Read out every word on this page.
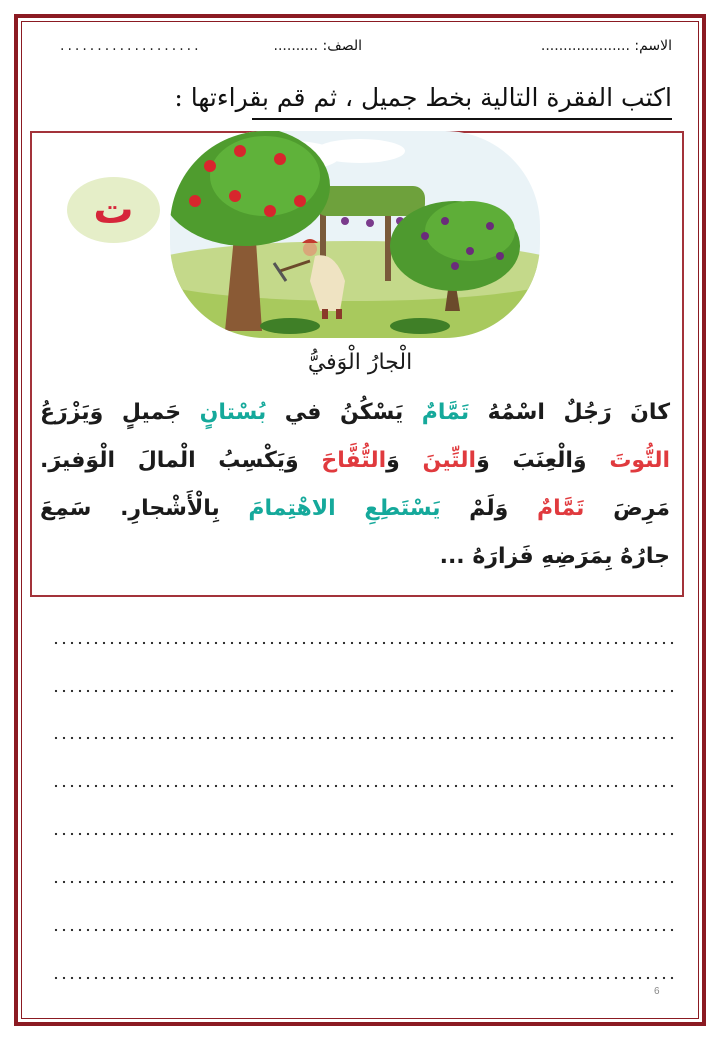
الاسم: ....................
الصف: ..........
...................
اكتب الفقرة التالية بخط جميل ، ثم قم بقراءتها :
ت
الْجارُ الْوَفيُّ
كانَ رَجُلٌ اسْمُهُ تَمَّامٌ يَسْكُنُ في بُسْتانٍ جَميلٍ وَيَزْرَعُ
التُّوتَ وَالْعِنَبَ وَالتِّينَ وَالتُّفَّاحَ وَيَكْسِبُ الْمالَ الْوَفيرَ.
مَرِضَ تَمَّامٌ وَلَمْ يَسْتَطِعِ الاهْتِمامَ بِالْأَشْجارِ. سَمِعَ
جارُهُ بِمَرَضِهِ فَزارَهُ ...
6
